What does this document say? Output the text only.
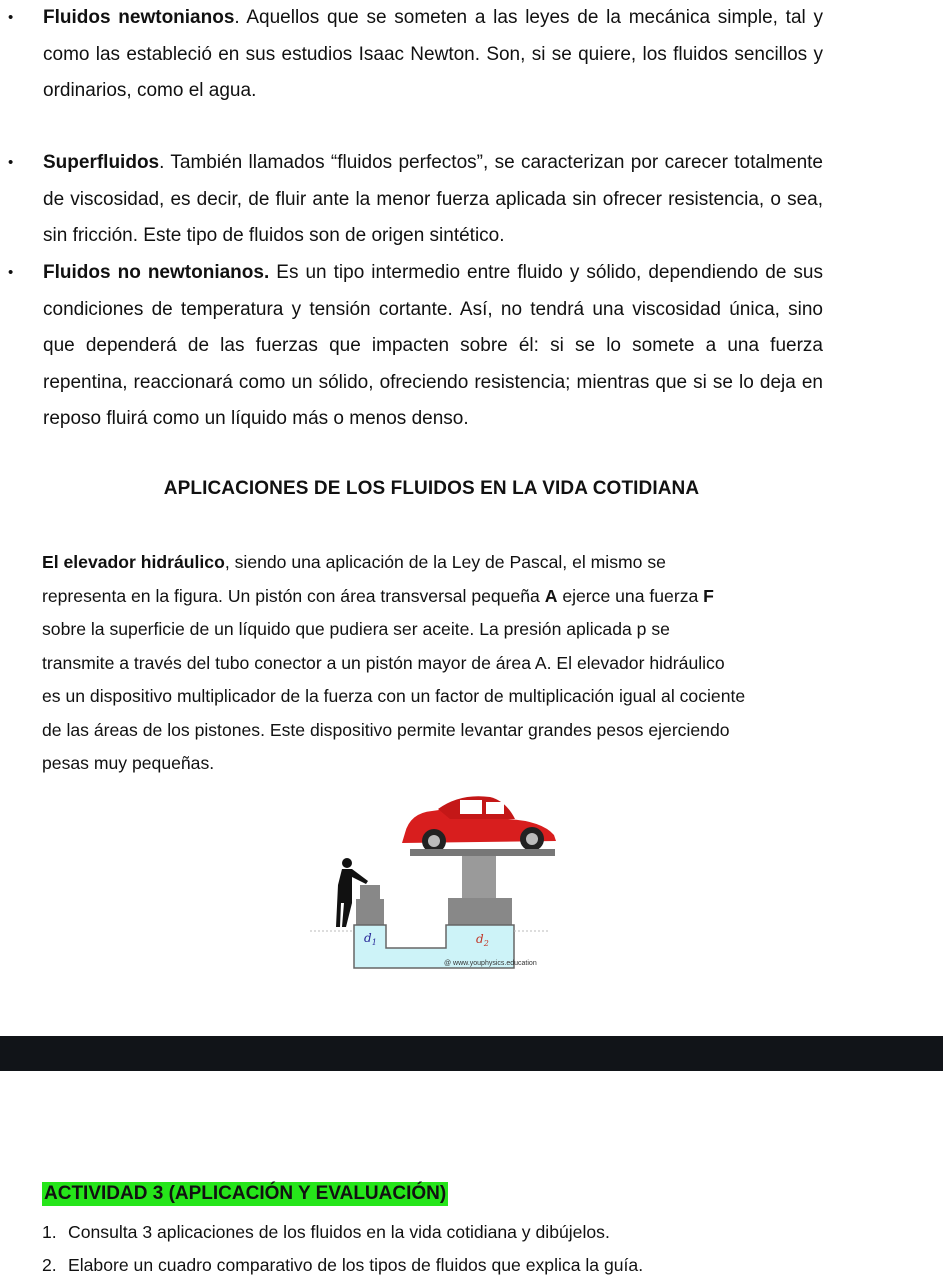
• Fluidos newtonianos. Aquellos que se someten a las leyes de la mecánica simple, tal y como las estableció en sus estudios Isaac Newton. Son, si se quiere, los fluidos sencillos y ordinarios, como el agua.
• Superfluidos. También llamados “fluidos perfectos”, se caracterizan por carecer totalmente de viscosidad, es decir, de fluir ante la menor fuerza aplicada sin ofrecer resistencia, o sea, sin fricción. Este tipo de fluidos son de origen sintético.
• Fluidos no newtonianos. Es un tipo intermedio entre fluido y sólido, dependiendo de sus condiciones de temperatura y tensión cortante. Así, no tendrá una viscosidad única, sino que dependerá de las fuerzas que impacten sobre él: si se lo somete a una fuerza repentina, reaccionará como un sólido, ofreciendo resistencia; mientras que si se lo deja en reposo fluirá como un líquido más o menos denso.
APLICACIONES DE LOS FLUIDOS EN LA VIDA COTIDIANA
El elevador hidráulico, siendo una aplicación de la Ley de Pascal, el mismo se
representa en la figura. Un pistón con área transversal pequeña A ejerce una fuerza F
sobre la superficie de un líquido que pudiera ser aceite. La presión aplicada p se
transmite a través del tubo conector a un pistón mayor de área A. El elevador hidráulico
es un dispositivo multiplicador de la fuerza con un factor de multiplicación igual al cociente
de las áreas de los pistones. Este dispositivo permite levantar grandes pesos ejerciendo
pesas muy pequeñas.
$d_1$	$d_2$
@ www.youphysics.education
ACTIVIDAD 3 (APLICACIÓN Y EVALUACIÓN)
1. Consulta 3 aplicaciones de los fluidos en la vida cotidiana y dibújelos.
2. Elabore un cuadro comparativo de los tipos de fluidos que explica la guía.
